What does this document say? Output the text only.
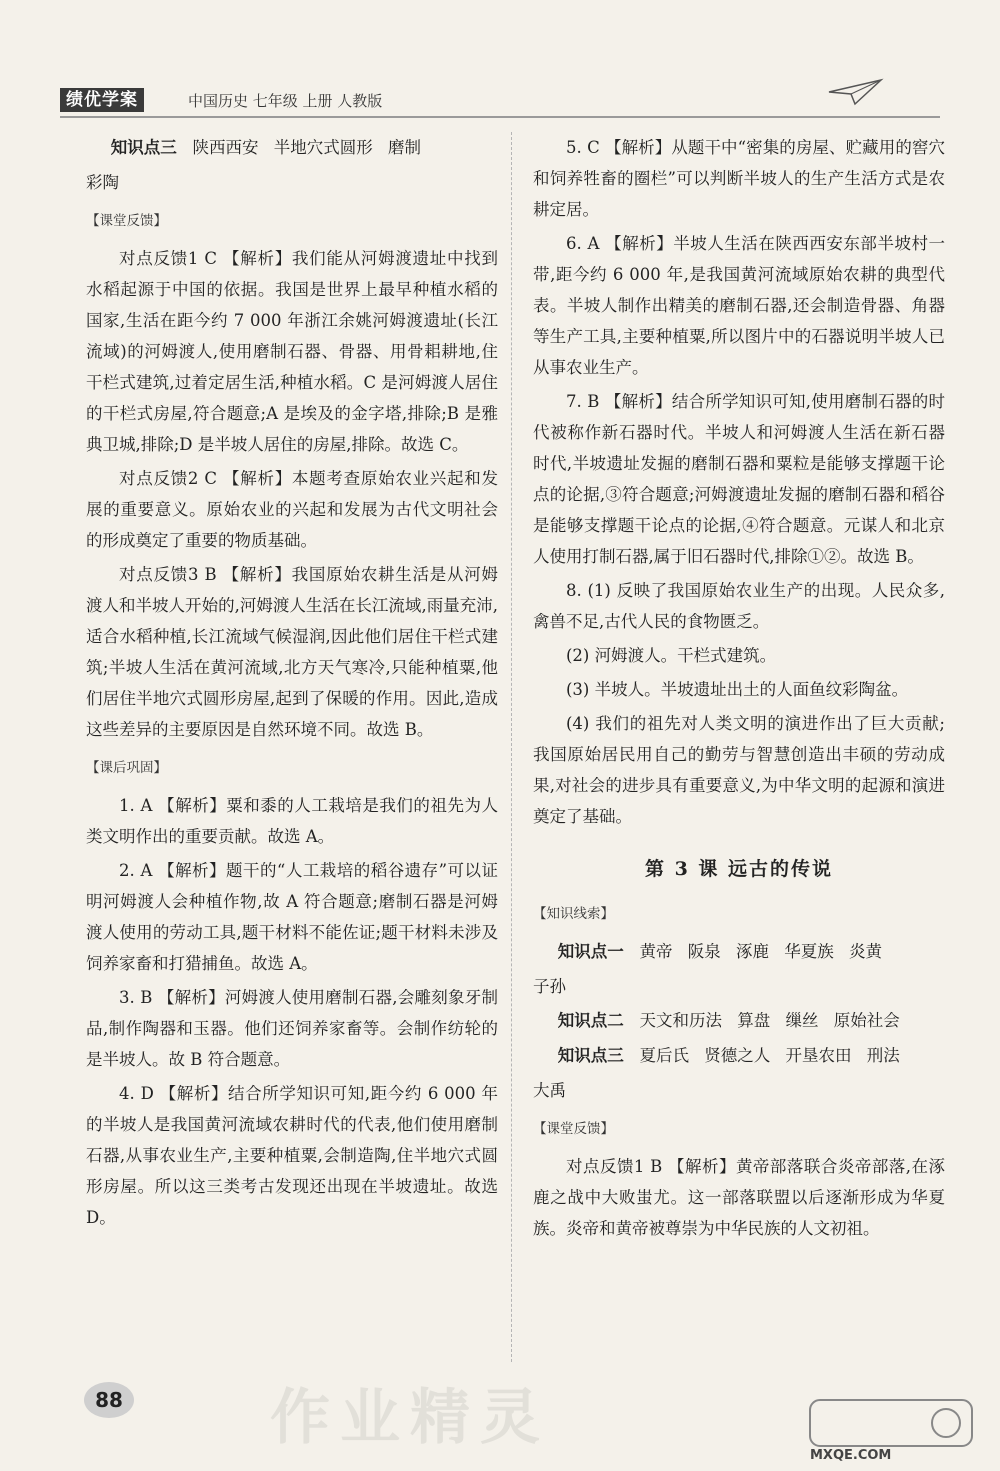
绩优学案	中国历史 七年级 上册 人教版

知识点三 陕西西安 半地穴式圆形 磨制

彩陶

【课堂反馈】

对点反馈1 C 【解析】我们能从河姆渡遗址中找到水稻起源于中国的依据。我国是世界上最早种植水稻的国家,生活在距今约 7 000 年浙江余姚河姆渡遗址(长江流域)的河姆渡人,使用磨制石器、骨器、用骨耜耕地,住干栏式建筑,过着定居生活,种植水稻。C 是河姆渡人居住的干栏式房屋,符合题意;A 是埃及的金字塔,排除;B 是雅典卫城,排除;D 是半坡人居住的房屋,排除。故选 C。

对点反馈2 C 【解析】本题考查原始农业兴起和发展的重要意义。原始农业的兴起和发展为古代文明社会的形成奠定了重要的物质基础。

对点反馈3 B 【解析】我国原始农耕生活是从河姆渡人和半坡人开始的,河姆渡人生活在长江流域,雨量充沛,适合水稻种植,长江流域气候湿润,因此他们居住干栏式建筑;半坡人生活在黄河流域,北方天气寒冷,只能种植粟,他们居住半地穴式圆形房屋,起到了保暖的作用。因此,造成这些差异的主要原因是自然环境不同。故选 B。

【课后巩固】

1. A 【解析】粟和黍的人工栽培是我们的祖先为人类文明作出的重要贡献。故选 A。

2. A 【解析】题干的“人工栽培的稻谷遗存”可以证明河姆渡人会种植作物,故 A 符合题意;磨制石器是河姆渡人使用的劳动工具,题干材料不能佐证;题干材料未涉及饲养家畜和打猎捕鱼。故选 A。

3. B 【解析】河姆渡人使用磨制石器,会雕刻象牙制品,制作陶器和玉器。他们还饲养家畜等。会制作纺轮的是半坡人。故 B 符合题意。

4. D 【解析】结合所学知识可知,距今约 6 000 年的半坡人是我国黄河流域农耕时代的代表,他们使用磨制石器,从事农业生产,主要种植粟,会制造陶,住半地穴式圆形房屋。所以这三类考古发现还出现在半坡遗址。故选 D。

5. C 【解析】从题干中“密集的房屋、贮藏用的窖穴和饲养牲畜的圈栏”可以判断半坡人的生产生活方式是农耕定居。

6. A 【解析】半坡人生活在陕西西安东部半坡村一带,距今约 6 000 年,是我国黄河流域原始农耕的典型代表。半坡人制作出精美的磨制石器,还会制造骨器、角器等生产工具,主要种植粟,所以图片中的石器说明半坡人已从事农业生产。

7. B 【解析】结合所学知识可知,使用磨制石器的时代被称作新石器时代。半坡人和河姆渡人生活在新石器时代,半坡遗址发掘的磨制石器和粟粒是能够支撑题干论点的论据,③符合题意;河姆渡遗址发掘的磨制石器和稻谷是能够支撑题干论点的论据,④符合题意。元谋人和北京人使用打制石器,属于旧石器时代,排除①②。故选 B。

8. (1) 反映了我国原始农业生产的出现。人民众多,禽兽不足,古代人民的食物匮乏。

(2) 河姆渡人。干栏式建筑。

(3) 半坡人。半坡遗址出土的人面鱼纹彩陶盆。

(4) 我们的祖先对人类文明的演进作出了巨大贡献;我国原始居民用自己的勤劳与智慧创造出丰硕的劳动成果,对社会的进步具有重要意义,为中华文明的起源和演进奠定了基础。

第 3 课 远古的传说

【知识线索】

知识点一 黄帝 阪泉 涿鹿 华夏族 炎黄

子孙

知识点二 天文和历法 算盘 缫丝 原始社会

知识点三 夏后氏 贤德之人 开垦农田 刑法

大禹

【课堂反馈】

对点反馈1 B 【解析】黄帝部落联合炎帝部落,在涿鹿之战中大败蚩尤。这一部落联盟以后逐渐形成为华夏族。炎帝和黄帝被尊崇为中华民族的人文初祖。

88 作业精灵
MXQE.COM
